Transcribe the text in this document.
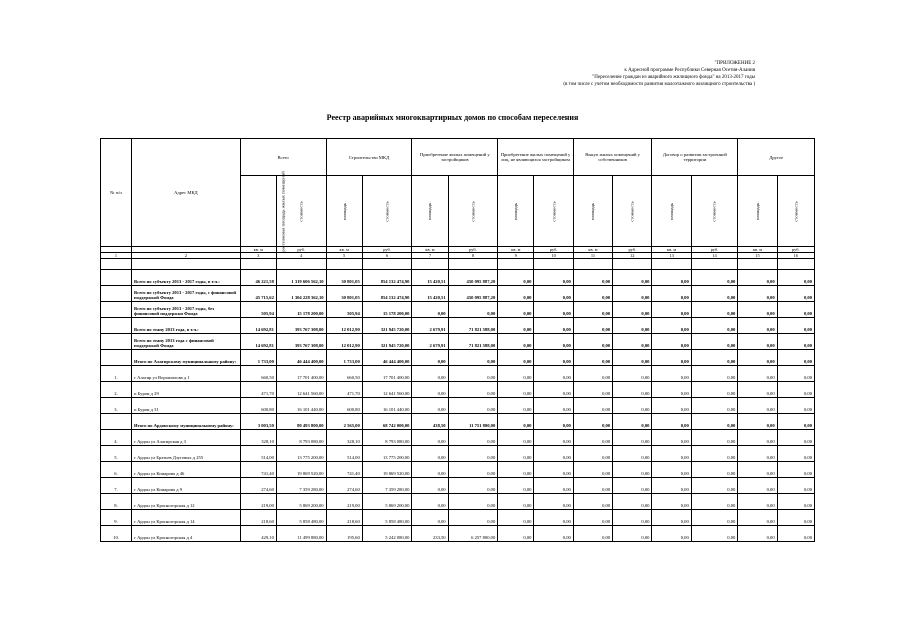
"ПРИЛОЖЕНИЕ 2
к Адресной программе Республики Северная Осетия-Алания
"Переселение граждан из аварийного жилищного фонда" на 2013-2017 годы
(в том числе с учетом необходимости развития малоэтажного жилищного строительства )
Реестр аварийных многоквартирных домов по способам переселения
№ п/п	Адрес МКД	Всего		Строительство МКД		Приобретение жилых помещений у застройщиков		Приобретение жилых помещений у лиц, не являющихся застройщиком		Выкуп жилых помещений у собственников		Договор о развитии застроенной территории		Другое	
		расселяемая площадь жилых помещений	стоимость	площадь	стоимость	площадь	стоимость	площадь	стоимость	площадь	стоимость	площадь	стоимость	площадь	стоимость
		кв. м	руб.	кв. м	руб.	кв. м	руб.	кв. м	руб.	кв. м	руб.	кв. м	руб.	кв. м	руб.
1	2	3	4	5	6	7	8	9	10	11	12	13	14	15	16

	Всего по субъекту 2013 - 2017 годы, в т.ч.:	46 221,58	1 319 606 562,10	30 801,05	854 132 474,90	15 420,51	450 095 887,20	0,00	0,00	0,00	0,00	0,00	0,00	0,00	0,00
	Всего по субъекту 2013 - 2017 годы, с финансовой поддержкой Фонда	45 715,62	1 304 228 362,10	30 801,05	854 132 474,90	15 420,51	450 095 887,20	0,00	0,00	0,00	0,00	0,00	0,00	0,00	0,00
	Всего по субъекту 2013 - 2017 годы, без финансовой поддержки Фонда	505,94	15 178 200,00	505,94	15 178 200,00	0,00	0,00	0,00	0,00	0,00	0,00	0,00	0,00	0,00	0,00
	Всего по этапу 2013 года, в т.ч.:	14 692,81	393 767 308,00	12 012,90	321 945 720,00	2 679,91	71 821 588,00	0,00	0,00	0,00	0,00	0,00	0,00	0,00	0,00
	Всего по этапу 2013 года с финансовой поддержкой Фонда	14 692,81	393 767 308,00	12 012,90	321 945 720,00	2 679,91	71 821 588,00	0,00	0,00	0,00	0,00	0,00	0,00	0,00	0,00
	Итого по Алагирскому муниципальному району:	1 733,00	46 444 400,00	1 733,00	46 444 400,00	0,00	0,00	0,00	0,00	0,00	0,00	0,00	0,00	0,00	0,00
1.	г Алагир ул Ворошилова д 1	660,50	17 701 400,00	660,50	17 701 400,00	0,00	0,00	0,00	0,00	0,00	0,00	0,00	0,00	0,00	0,00
2.	п Бурон д 29	471,70	12 641 560,00	471,70	12 641 560,00	0,00	0,00	0,00	0,00	0,00	0,00	0,00	0,00	0,00	0,00
3.	п Бурон д 31	600,80	16 101 440,00	600,80	16 101 440,00	0,00	0,00	0,00	0,00	0,00	0,00	0,00	0,00	0,00	0,00
	Итого по Ардонскому муниципальному району:	3 003,50	80 493 800,00	2 565,00	68 742 000,00	438,50	11 751 800,00	0,00	0,00	0,00	0,00	0,00	0,00	0,00	0,00
4.	г Ардон ул Алагирская д 3	328,10	8 793 080,00	328,10	8 793 080,00	0,00	0,00	0,00	0,00	0,00	0,00	0,00	0,00	0,00	0,00
5.	г Ардон ул Братьев Дзуговых д 255	514,00	13 775 200,00	514,00	13 775 200,00	0,00	0,00	0,00	0,00	0,00	0,00	0,00	0,00	0,00	0,00
6.	г Ардон ул Комарова д 46	741,40	19 869 520,00	741,40	19 869 520,00	0,00	0,00	0,00	0,00	0,00	0,00	0,00	0,00	0,00	0,00
7.	г Ардон ул Комарова д 9	274,60	7 359 280,00	274,60	7 359 280,00	0,00	0,00	0,00	0,00	0,00	0,00	0,00	0,00	0,00	0,00
8.	г Ардон ул Красногорская д 12	219,00	5 869 200,00	219,00	5 869 200,00	0,00	0,00	0,00	0,00	0,00	0,00	0,00	0,00	0,00	0,00
9.	г Ардон ул Красногорская д 14	218,60	5 858 480,00	218,60	5 858 480,00	0,00	0,00	0,00	0,00	0,00	0,00	0,00	0,00	0,00	0,00
10.	г Ардон ул Красногорская д 4	429,10	11 499 880,00	195,60	5 242 080,00	233,50	6 257 800,00	0,00	0,00	0,00	0,00	0,00	0,00	0,00	0,00
